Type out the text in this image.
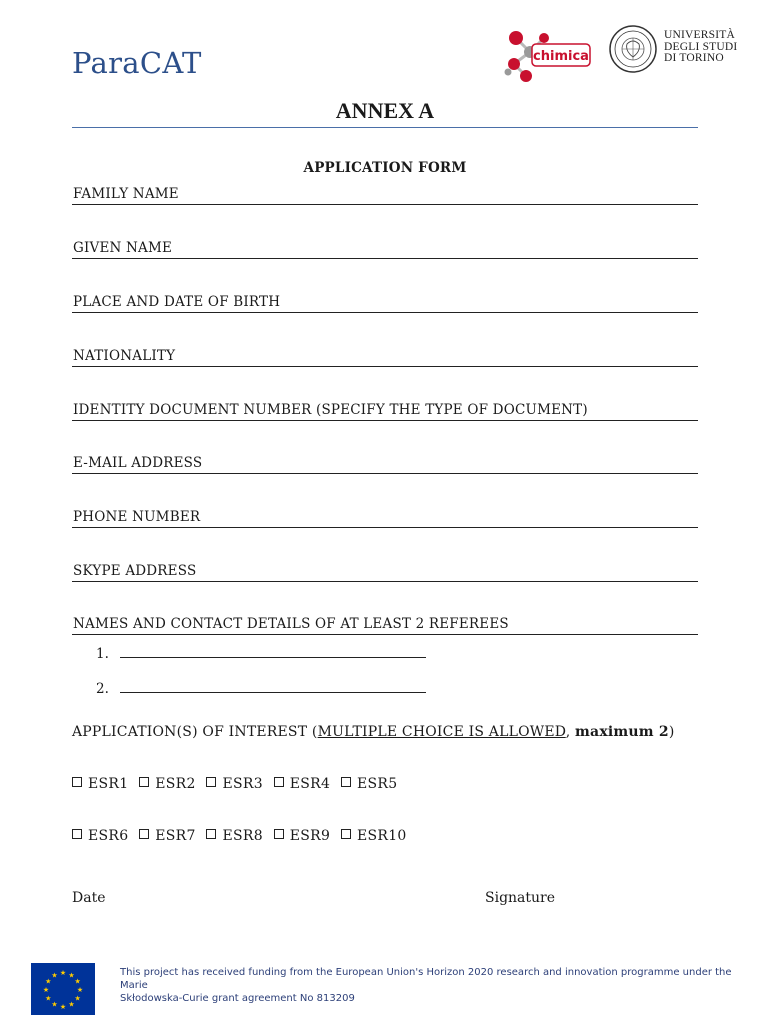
ParaCAT	chimica
UNIVERSITÀ
DEGLI STUDI
DI TORINO
ANNEX A
APPLICATION FORM
FAMILY NAME
GIVEN NAME
PLACE AND DATE OF BIRTH
NATIONALITY
IDENTITY DOCUMENT NUMBER (SPECIFY THE TYPE OF DOCUMENT)
E-MAIL ADDRESS
PHONE NUMBER
SKYPE ADDRESS
NAMES AND CONTACT DETAILS OF AT LEAST 2 REFEREES
1.
2.
APPLICATION(S) OF INTEREST (MULTIPLE CHOICE IS ALLOWED, maximum 2)
ESR1 ESR2 ESR3 ESR4 ESR5
ESR6 ESR7 ESR8 ESR9 ESR10
Date	Signature
★ ★
★
★
★
★
★
★
★
★
★
★	This project has received funding from the European Union's Horizon 2020 research and innovation programme under the Marie
Skłodowska-Curie grant agreement No 813209
